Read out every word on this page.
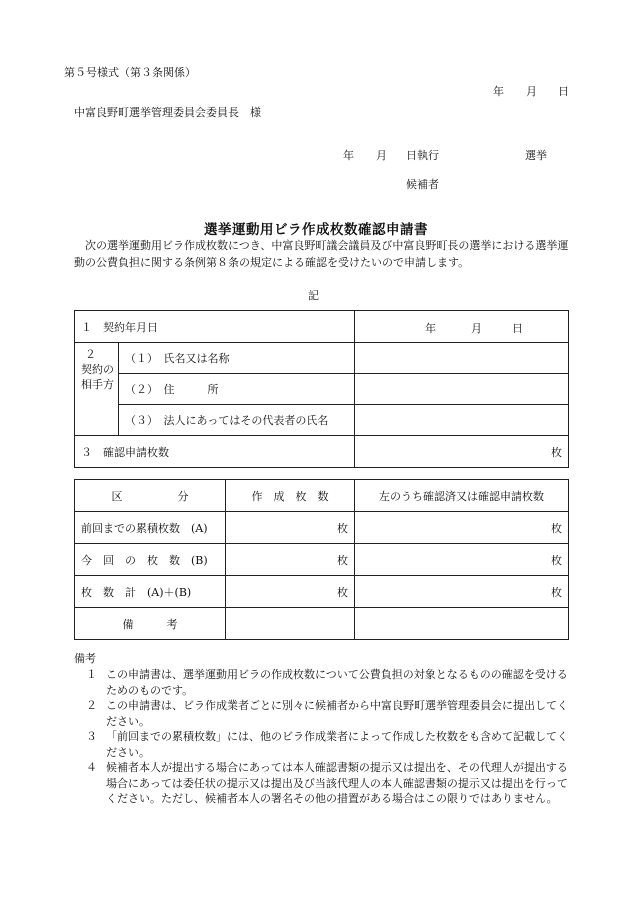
第５号様式（第３条関係）
年 月 日
中富良野町選挙管理委員会委員長　様
年 月 日執行	選挙
候補者
選挙運動用ビラ作成枚数確認申請書
次の選挙運動用ビラ作成枚数につき、中富良野町議会議員及び中富良野町長の選挙における選挙運動の公費負担に関する条例第８条の規定による確認を受けたいので申請します。
記
１　契約年月日		年 月 日

２
契約の
相手方	（１）　氏名又は名称	
	（２）　住　　　所	
	（３）　法人にあってはその代表者の氏名	
３　確認申請枚数		枚
区　　　　　分	作　成　枚　数	左のうち確認済又は確認申請枚数
前回までの累積枚数　(A)	枚	枚
今　回　の　枚　数　(B)	枚	枚
枚　数　計　(A)＋(B)	枚	枚
備　　　考		
備考
１ この申請書は、選挙運動用ビラの作成枚数について公費負担の対象となるものの確認を受けるためのものです。
２ この申請書は、ビラ作成業者ごとに別々に候補者から中富良野町選挙管理委員会に提出してください。
３ 「前回までの累積枚数」には、他のビラ作成業者によって作成した枚数をも含めて記載してください。
４ 候補者本人が提出する場合にあっては本人確認書類の提示又は提出を、その代理人が提出する場合にあっては委任状の提示又は提出及び当該代理人の本人確認書類の提示又は提出を行ってください。ただし、候補者本人の署名その他の措置がある場合はこの限りではありません。
